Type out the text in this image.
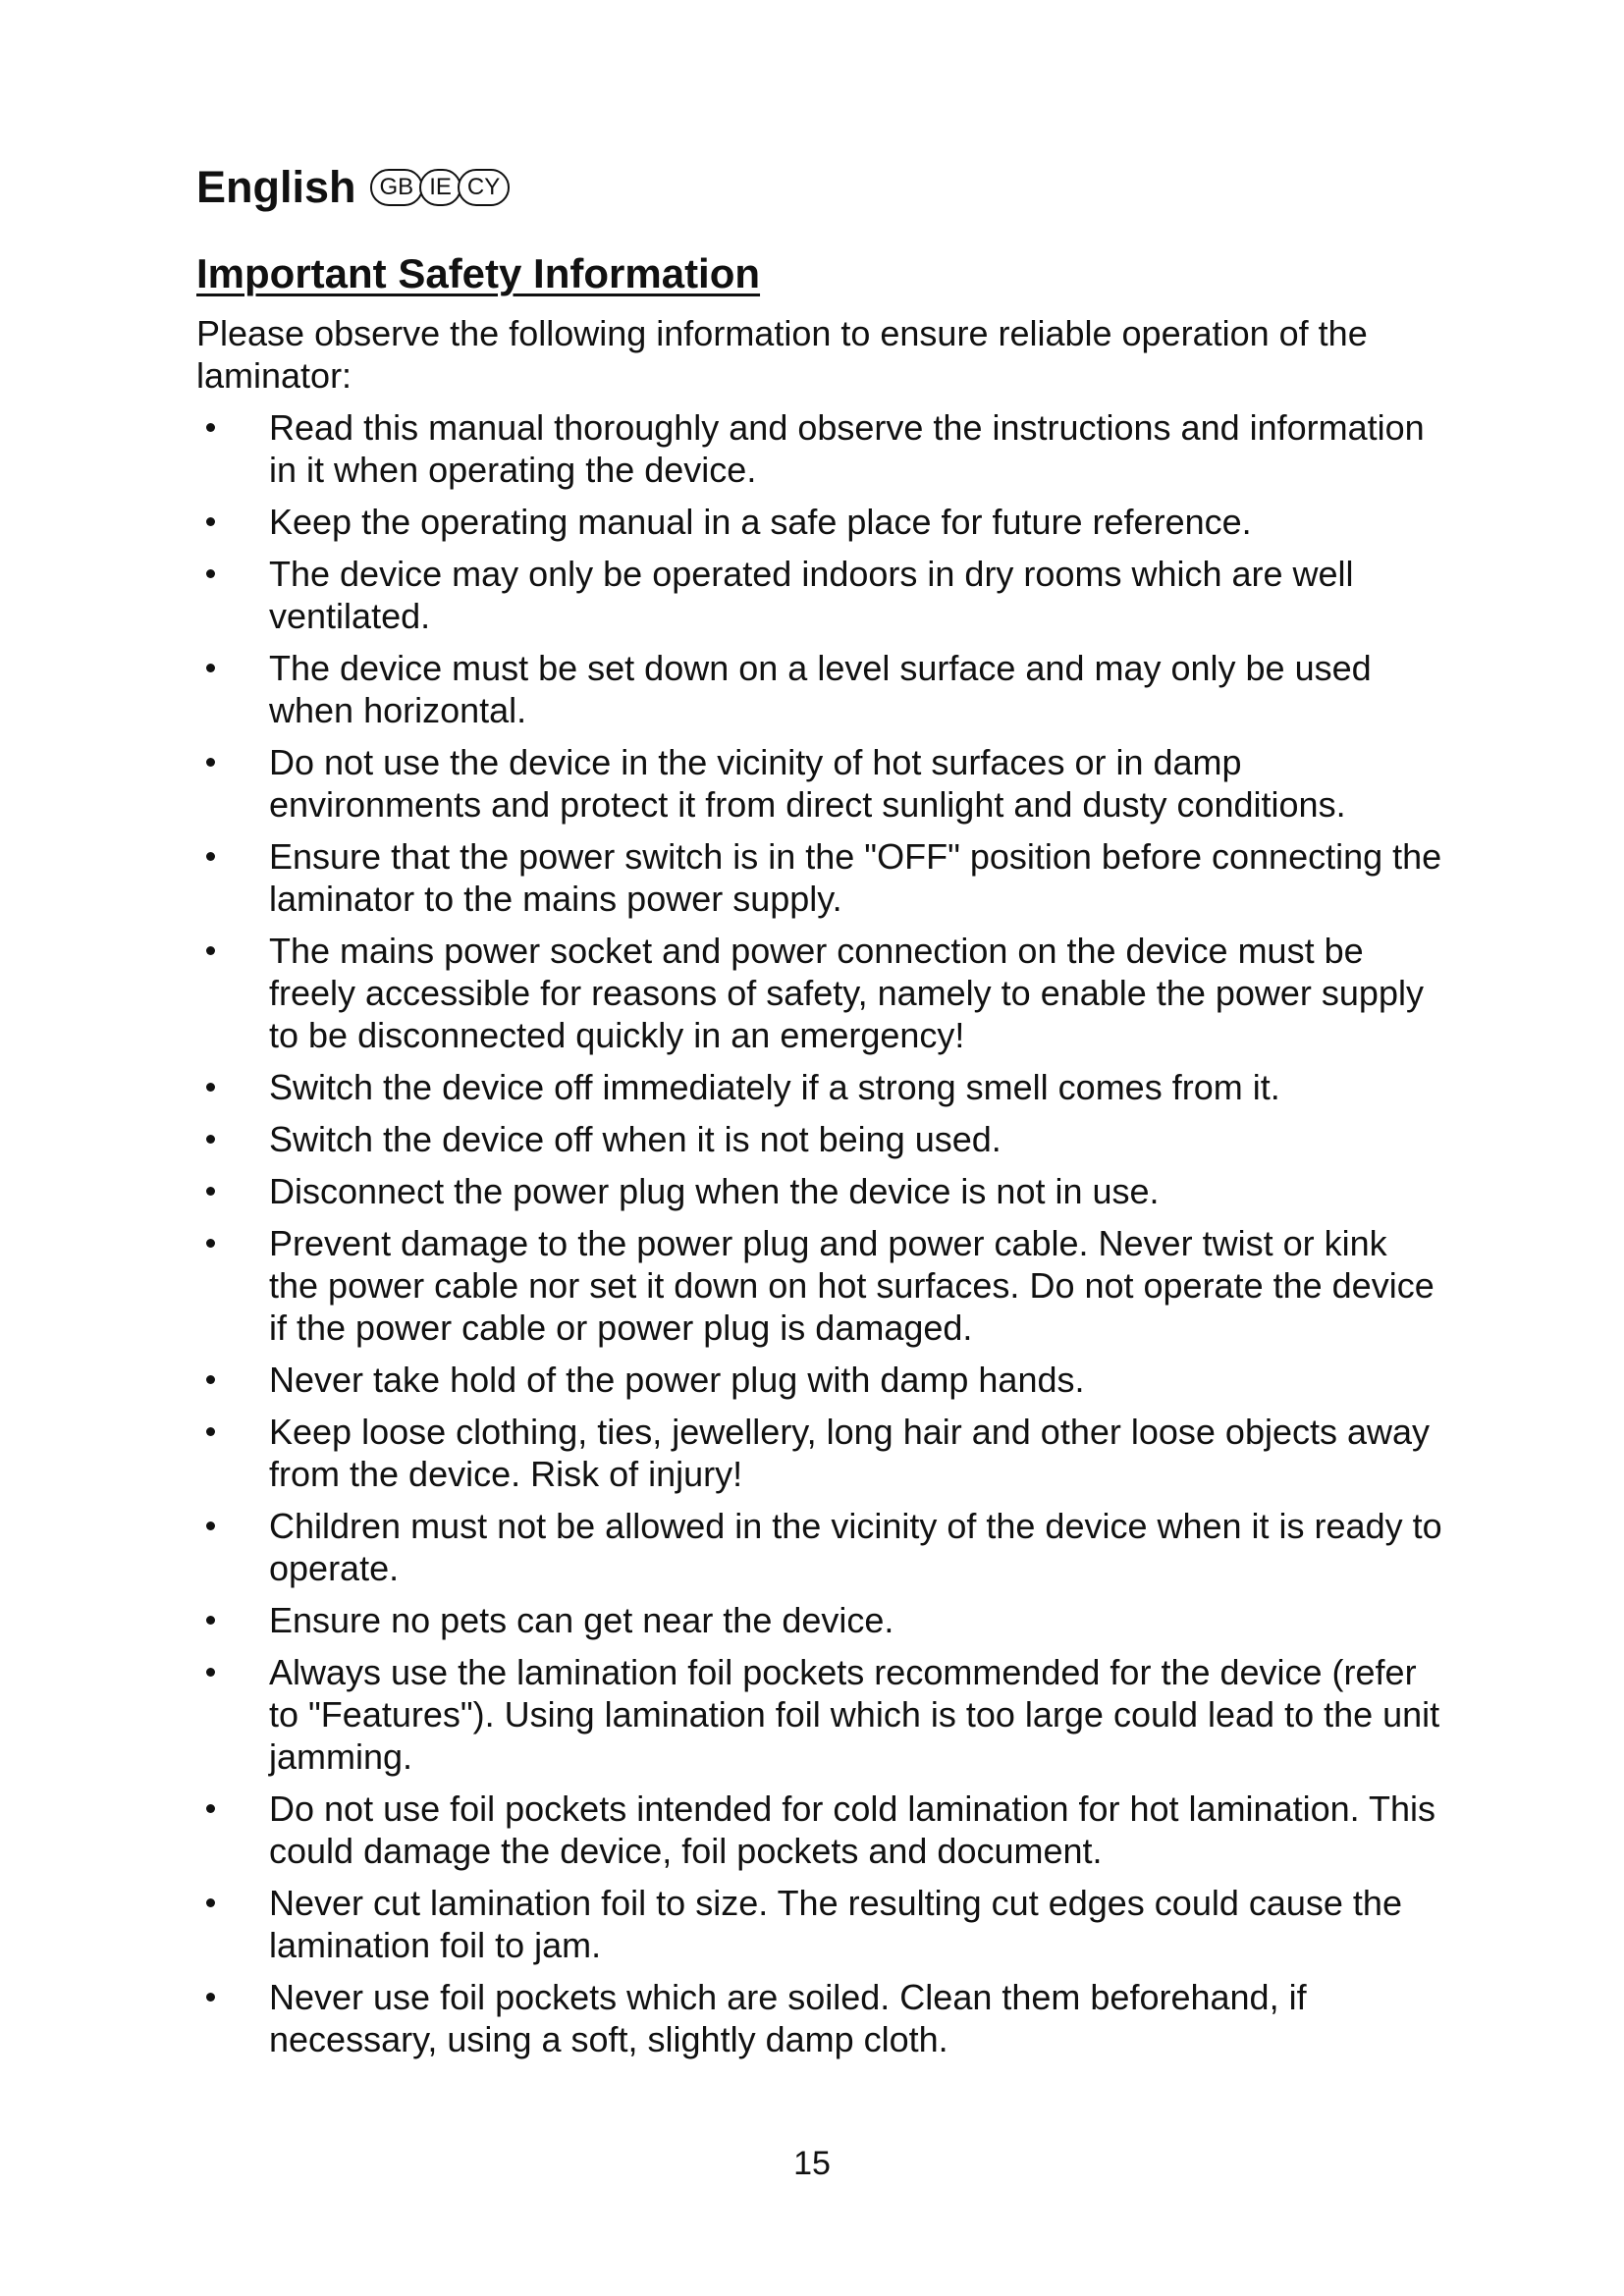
English	GB IE CY
Important Safety Information

Please observe the following information to ensure reliable operation of the laminator:

Read this manual thoroughly and observe the instructions and information in it when operating the device.
Keep the operating manual in a safe place for future reference.
The device may only be operated indoors in dry rooms which are well ventilated.
The device must be set down on a level surface and may only be used when horizontal.
Do not use the device in the vicinity of hot surfaces or in damp environments and protect it from direct sunlight and dusty conditions.
Ensure that the power switch is in the "OFF" position before connecting the laminator to the mains power supply.
The mains power socket and power connection on the device must be freely accessible for reasons of safety, namely to enable the power supply to be disconnected quickly in an emergency!
Switch the device off immediately if a strong smell comes from it.
Switch the device off when it is not being used.
Disconnect the power plug when the device is not in use.
Prevent damage to the power plug and power cable. Never twist or kink the power cable nor set it down on hot surfaces. Do not operate the device if the power cable or power plug is damaged.
Never take hold of the power plug with damp hands.
Keep loose clothing, ties, jewellery, long hair and other loose objects away from the device. Risk of injury!
Children must not be allowed in the vicinity of the device when it is ready to operate.
Ensure no pets can get near the device.
Always use the lamination foil pockets recommended for the device (refer to "Features"). Using lamination foil which is too large could lead to the unit jamming.
Do not use foil pockets intended for cold lamination for hot lamination. This could damage the device, foil pockets and document.
Never cut lamination foil to size. The resulting cut edges could cause the lamination foil to jam.
Never use foil pockets which are soiled. Clean them beforehand, if necessary, using a soft, slightly damp cloth.
15
